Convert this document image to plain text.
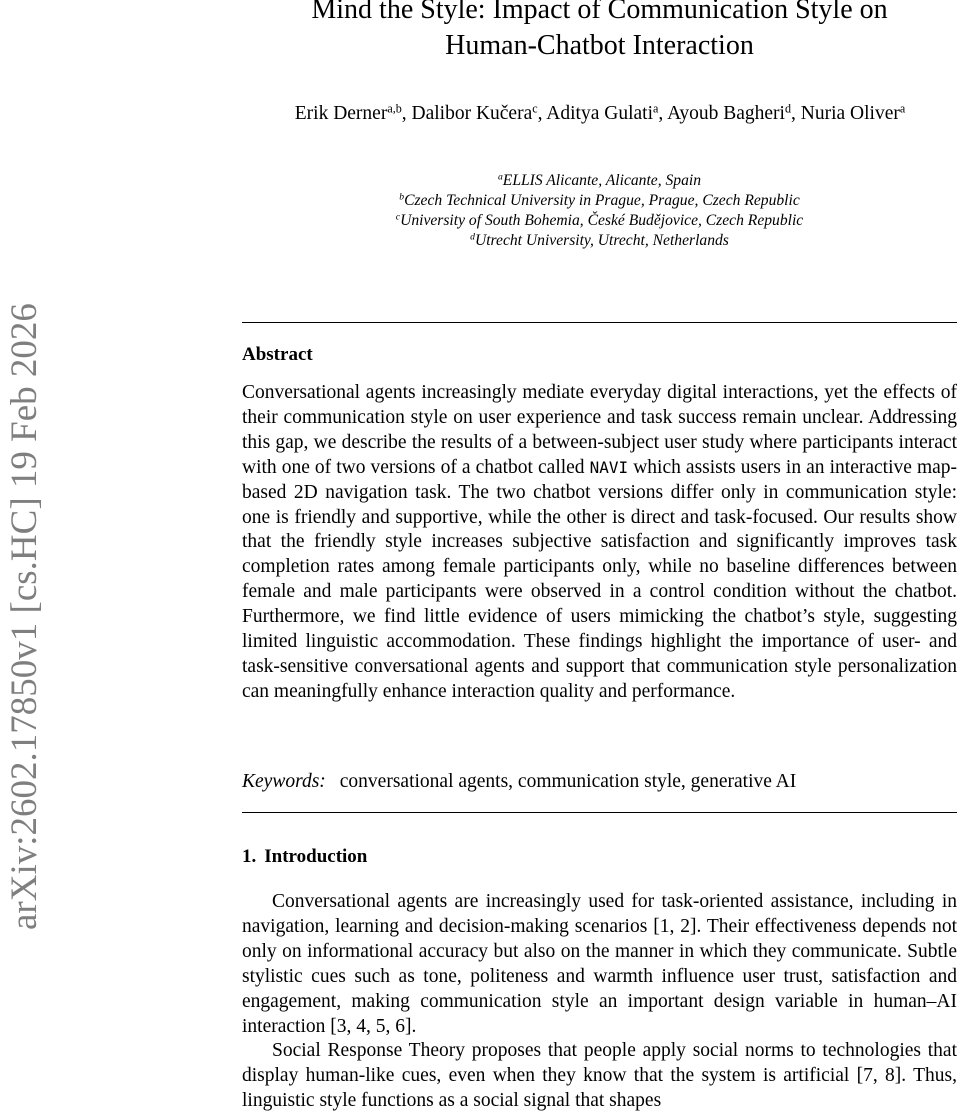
arXiv:2602.17850v1 [cs.HC] 19 Feb 2026
Mind the Style: Impact of Communication Style on
Human-Chatbot Interaction
Erik Derner$^{a,b}$, Dalibor Kučera$^c$, Aditya Gulati$^a$, Ayoub Bagheri$^d$, Nuria Oliver$^a$
$^a$ELLIS Alicante, Alicante, Spain
$^b$Czech Technical University in Prague, Prague, Czech Republic
$^c$University of South Bohemia, České Budějovice, Czech Republic
$^d$Utrecht University, Utrecht, Netherlands
Abstract
Conversational agents increasingly mediate everyday digital interactions, yet the effects of their communication style on user experience and task success remain unclear. Addressing this gap, we describe the results of a between-subject user study where participants interact with one of two versions of a chatbot called NAVI which assists users in an interactive map-based 2D navigation task. The two chatbot versions differ only in communication style: one is friendly and supportive, while the other is direct and task-focused. Our results show that the friendly style increases subjective satisfaction and significantly improves task completion rates among female participants only, while no baseline differences between female and male participants were observed in a control condition without the chatbot. Furthermore, we find little evidence of users mimicking the chatbot’s style, suggesting limited linguistic accommodation. These findings highlight the importance of user- and task-sensitive conversational agents and support that communication style personalization can meaningfully enhance interaction quality and performance.
Keywords: conversational agents, communication style, generative AI
1. Introduction

Conversational agents are increasingly used for task-oriented assistance, including in navigation, learning and decision-making scenarios [1, 2]. Their effectiveness depends not only on informational accuracy but also on the manner in which they communicate. Subtle stylistic cues such as tone, politeness and warmth influence user trust, satisfaction and engagement, making communication style an important design variable in human–AI interaction [3, 4, 5, 6].

Social Response Theory proposes that people apply social norms to technologies that display human-like cues, even when they know that the system is artificial [7, 8]. Thus, linguistic style functions as a social signal that shapes
